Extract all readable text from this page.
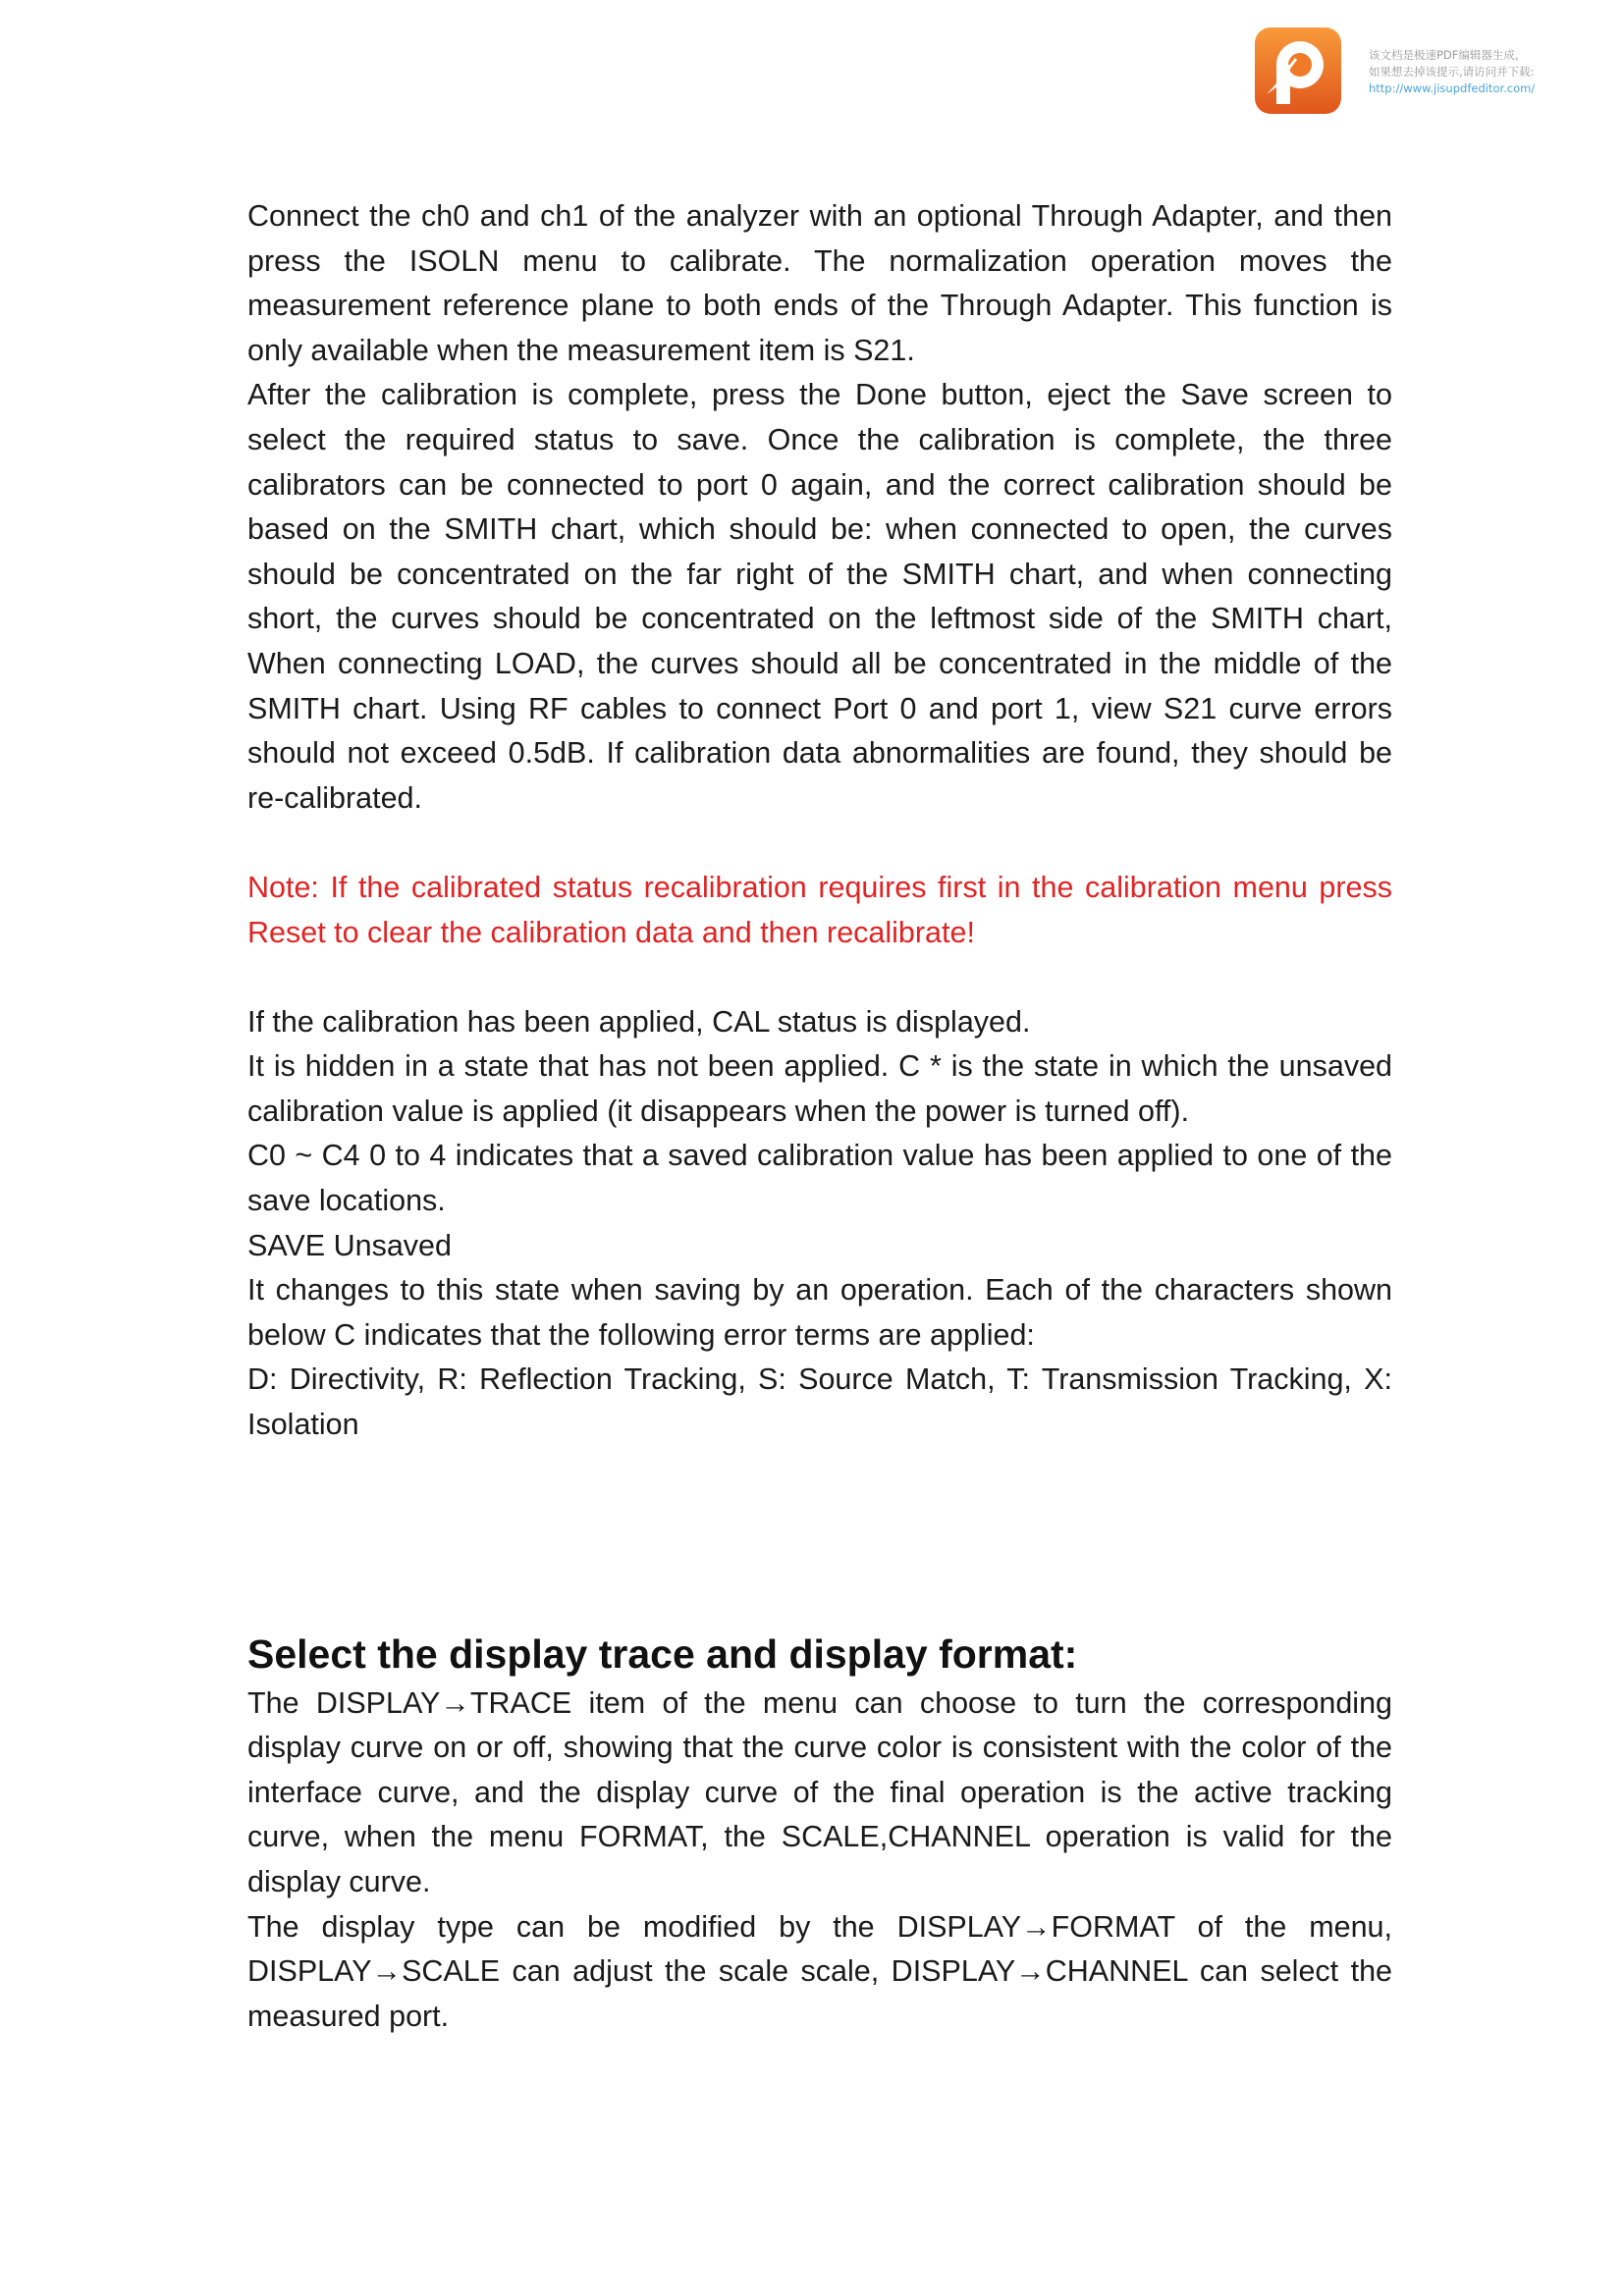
该文档是极速PDF编辑器生成,
如果想去掉该提示,请访问并下载:
http://www.jisupdfeditor.com/

Connect the ch0 and ch1 of the analyzer with an optional Through Adapter, and then press the ISOLN menu to calibrate. The normalization operation moves the measurement reference plane to both ends of the Through Adapter. This function is only available when the measurement item is S21.

After the calibration is complete, press the Done button, eject the Save screen to select the required status to save. Once the calibration is complete, the three calibrators can be connected to port 0 again, and the correct calibration should be based on the SMITH chart, which should be: when connected to open, the curves should be concentrated on the far right of the SMITH chart, and when connecting short, the curves should be concentrated on the leftmost side of the SMITH chart, When connecting LOAD, the curves should all be concentrated in the middle of the SMITH chart. Using RF cables to connect Port 0 and port 1, view S21 curve errors should not exceed 0.5dB. If calibration data abnormalities are found, they should be re-calibrated.

Note: If the calibrated status recalibration requires first in the calibration menu press Reset to clear the calibration data and then recalibrate!

If the calibration has been applied, CAL status is displayed.

It is hidden in a state that has not been applied. C * is the state in which the unsaved calibration value is applied (it disappears when the power is turned off).

C0 ~ C4 0 to 4 indicates that a saved calibration value has been applied to one of the save locations.

SAVE Unsaved

It changes to this state when saving by an operation. Each of the characters shown below C indicates that the following error terms are applied:

D: Directivity, R: Reflection Tracking, S: Source Match, T: Transmission Tracking, X: Isolation

Select the display trace and display format:

The DISPLAY→TRACE item of the menu can choose to turn the corresponding display curve on or off, showing that the curve color is consistent with the color of the interface curve, and the display curve of the final operation is the active tracking curve, when the menu FORMAT, the SCALE,CHANNEL operation is valid for the display curve.

The display type can be modified by the DISPLAY→FORMAT of the menu, DISPLAY→SCALE can adjust the scale scale, DISPLAY→CHANNEL can select the measured port.
